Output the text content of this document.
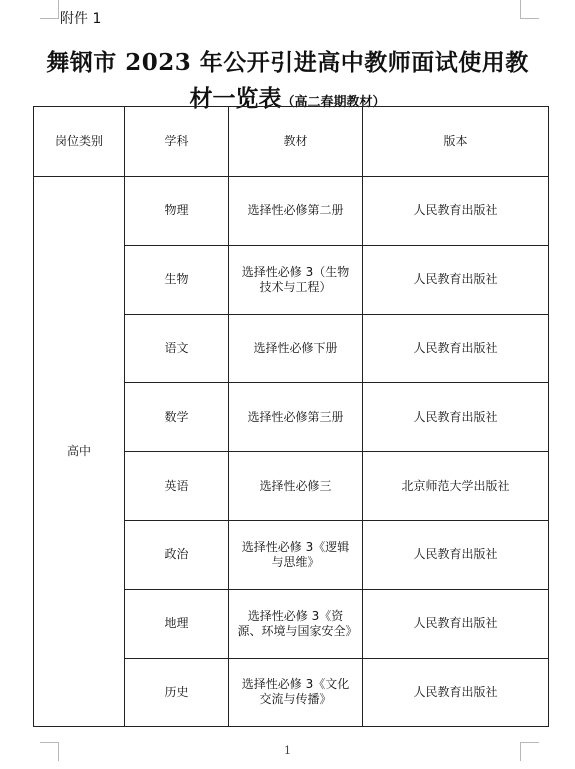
附件 1
舞钢市 2023 年公开引进高中教师面试使用教
材一览表（高二春期教材）
岗位类别	学科	教材	版本
高中	物理	选择性必修第二册	人民教育出版社
	生物	选择性必修 3（生物技术与工程）	人民教育出版社
	语文	选择性必修下册	人民教育出版社
	数学	选择性必修第三册	人民教育出版社
	英语	选择性必修三	北京师范大学出版社
	政治	选择性必修 3《逻辑与思维》	人民教育出版社
	地理	选择性必修 3《资源、环境与国家安全》	人民教育出版社
	历史	选择性必修 3《文化交流与传播》	人民教育出版社
1
